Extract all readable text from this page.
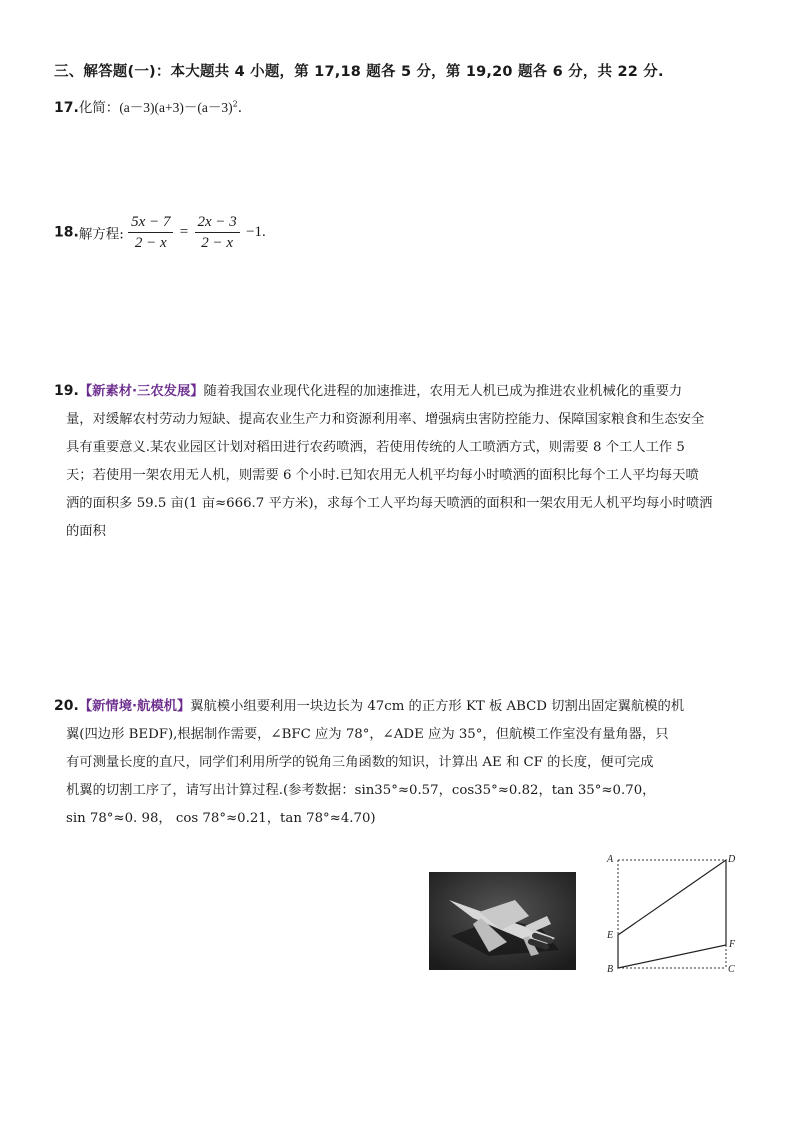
三、解答题(一)：本大题共 4 小题，第 17,18 题各 5 分，第 19,20 题各 6 分，共 22 分.
17.化简：$(a-3)(a+3)-(a-3)^2$.
18.解方程: $\frac{5x - 7}{2 - x} = \frac{2x - 3}{2 - x} -1$.
19.【新素材·三农发展】随着我国农业现代化进程的加速推进，农用无人机已成为推进农业机械化的重要力
量，对缓解农村劳动力短缺、提高农业生产力和资源利用率、增强病虫害防控能力、保障国家粮食和生态安全
具有重要意义.某农业园区计划对稻田进行农药喷洒，若使用传统的人工喷洒方式，则需要 8 个工人工作 5
天；若使用一架农用无人机，则需要 6 个小时.已知农用无人机平均每小时喷洒的面积比每个工人平均每天喷
洒的面积多 59.5 亩(1 亩≈666.7 平方米)，求每个工人平均每天喷洒的面积和一架农用无人机平均每小时喷洒
的面积
20.【新情境·航模机】翼航模小组要利用一块边长为 47cm 的正方形 KT 板 ABCD 切割出固定翼航模的机
翼(四边形 BEDF),根据制作需要，∠BFC 应为 78°，∠ADE 应为 35°，但航模工作室没有量角器，只
有可测量长度的直尺，同学们利用所学的锐角三角函数的知识，计算出 AE 和 CF 的长度，便可完成
机翼的切割工序了，请写出计算过程.(参考数据：sin35°≈0.57，cos35°≈0.82，tan 35°≈0.70，
sin 78°≈0. 98， cos 78°≈0.21，tan 78°≈4.70)
A	D
E
F
B	C
